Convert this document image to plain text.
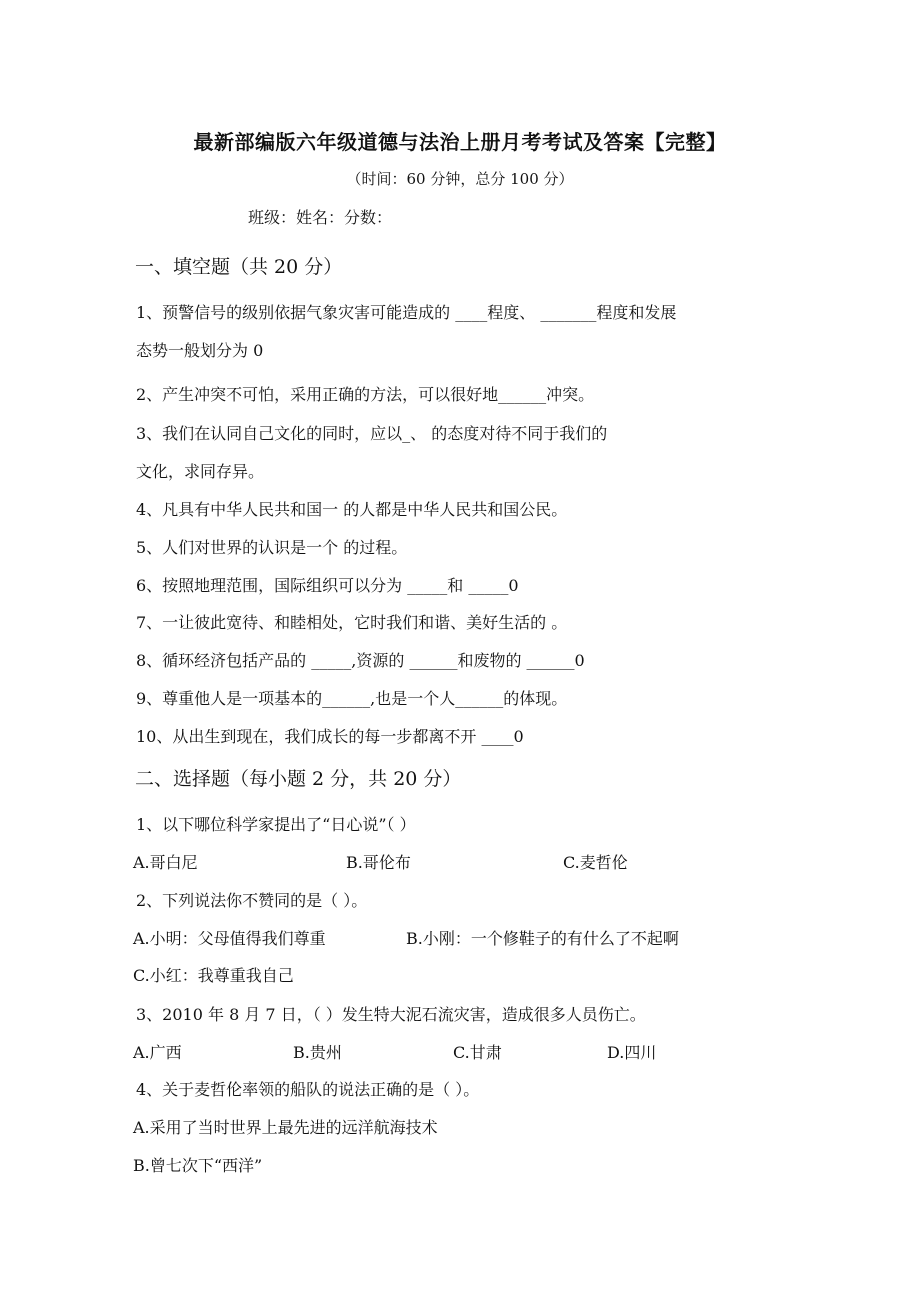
最新部编版六年级道德与法治上册月考考试及答案【完整】
（时间：60 分钟，总分 100 分）
班级：姓名：分数：
一、填空题（共 20 分）
1、预警信号的级别依据气象灾害可能造成的 ____程度、 _______程度和发展
态势一般划分为 0
2、产生冲突不可怕，采用正确的方法，可以很好地______冲突。
3、我们在认同自己文化的同时，应以_、 的态度对待不同于我们的
文化，求同存异。
4、凡具有中华人民共和国一 的人都是中华人民共和国公民。
5、人们对世界的认识是一个 的过程。
6、按照地理范围，国际组织可以分为 _____和 _____0
7、一让彼此宽待、和睦相处，它时我们和谐、美好生活的 。
8、循环经济包括产品的 _____,资源的 ______和废物的 ______0
9、尊重他人是一项基本的______,也是一个人______的体现。
10、从出生到现在，我们成长的每一步都离不开 ____0
二、选择题（每小题 2 分，共 20 分）
1、以下哪位科学家提出了“日心说”（ ）
A.哥白尼	B.哥伦布	C.麦哲伦
2、下列说法你不赞同的是（ ）。
A.小明：父母值得我们尊重	B.小刚：一个修鞋子的有什么了不起啊
C.小红：我尊重我自己
3、2010 年 8 月 7 日，（ ）发生特大泥石流灾害，造成很多人员伤亡。
A.广西	B.贵州	C.甘肃	D.四川
4、关于麦哲伦率领的船队的说法正确的是（ ）。
A.采用了当时世界上最先进的远洋航海技术
B.曾七次下“西洋”
